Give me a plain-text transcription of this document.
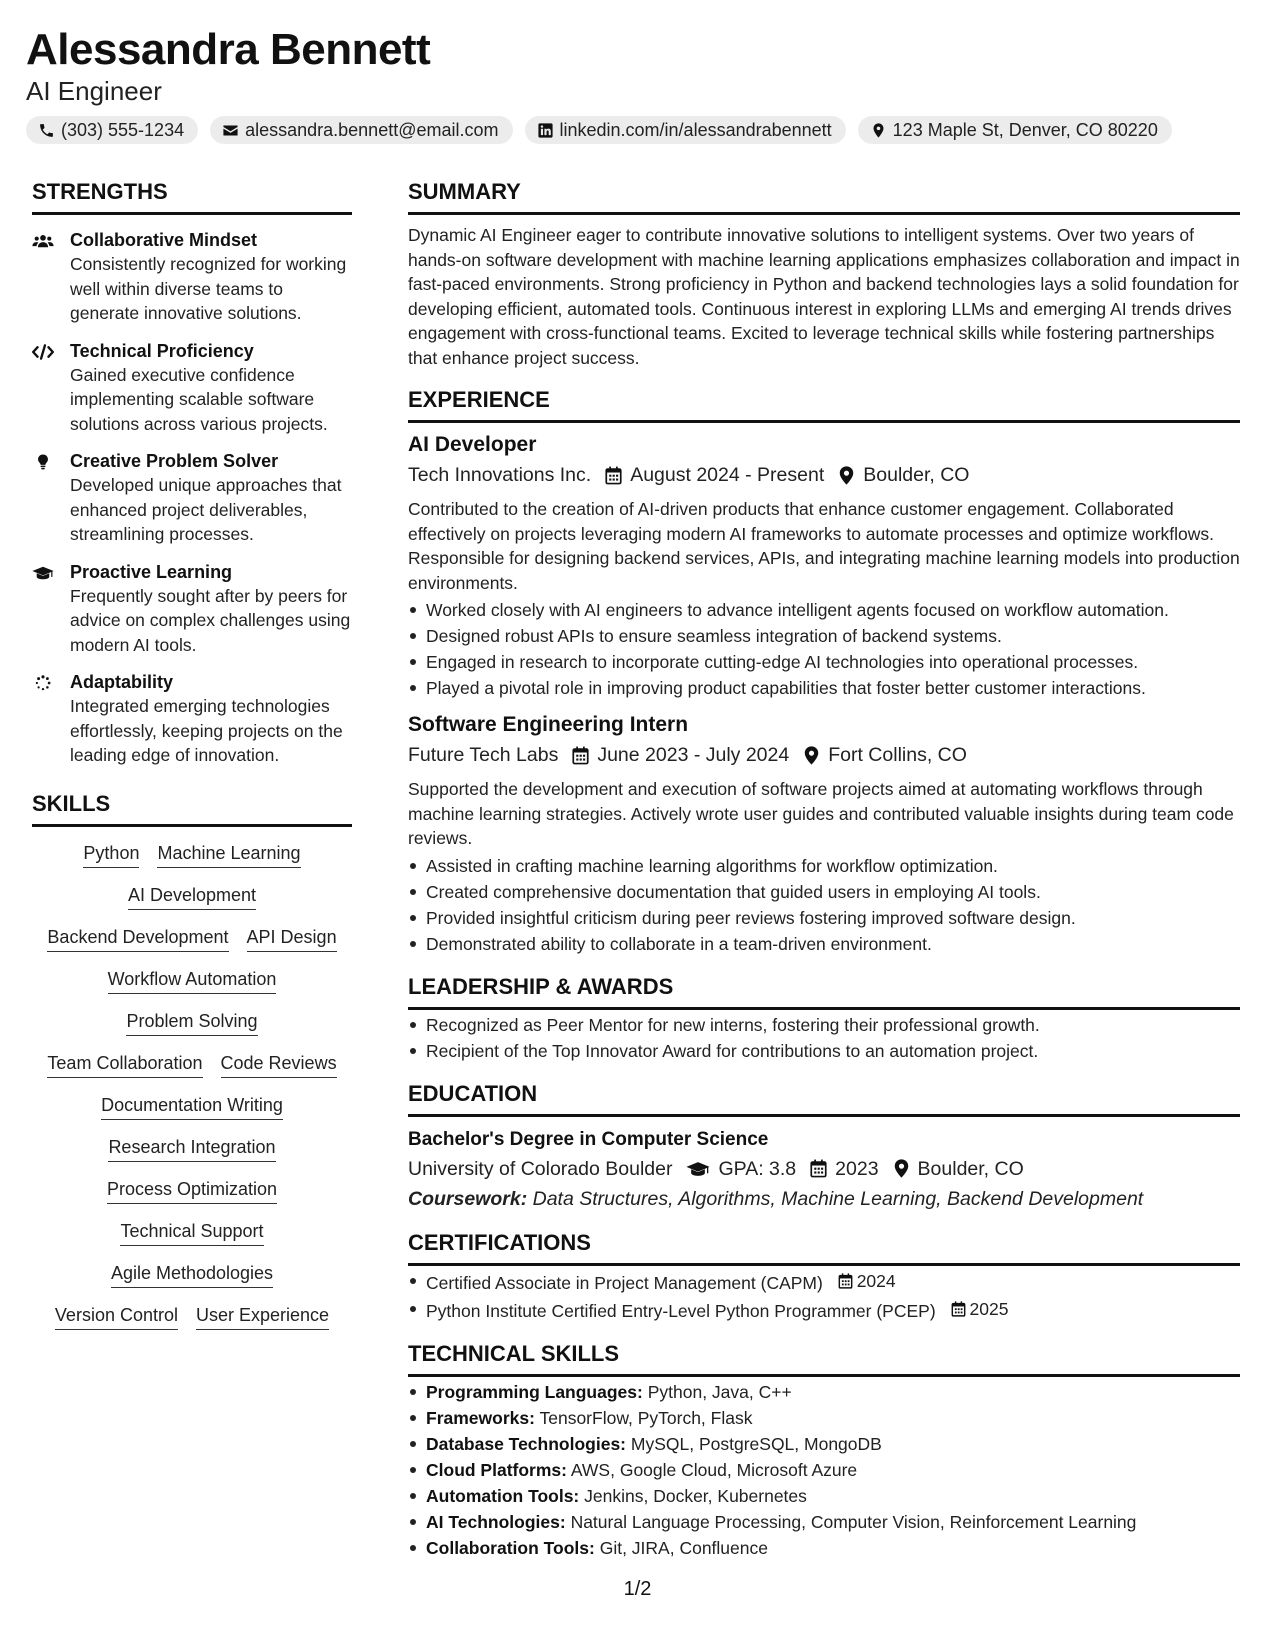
Alessandra Bennett
AI Engineer
(303) 555-1234	alessandra.bennett@email.com	linkedin.com/in/alessandrabennett	123 Maple St, Denver, CO 80220
STRENGTHS
Collaborative Mindset
Consistently recognized for working well within diverse teams to generate innovative solutions.
Technical Proficiency
Gained executive confidence implementing scalable software solutions across various projects.
Creative Problem Solver
Developed unique approaches that enhanced project deliverables, streamlining processes.
Proactive Learning
Frequently sought after by peers for advice on complex challenges using modern AI tools.
Adaptability
Integrated emerging technologies effortlessly, keeping projects on the leading edge of innovation.
SKILLS
Python Machine Learning
AI Development
Backend Development API Design
Workflow Automation
Problem Solving
Team Collaboration Code Reviews
Documentation Writing
Research Integration
Process Optimization
Technical Support
Agile Methodologies
Version Control User Experience
SUMMARY
Dynamic AI Engineer eager to contribute innovative solutions to intelligent systems. Over two years of hands-on software development with machine learning applications emphasizes collaboration and impact in fast-paced environments. Strong proficiency in Python and backend technologies lays a solid foundation for developing efficient, automated tools. Continuous interest in exploring LLMs and emerging AI trends drives engagement with cross-functional teams. Excited to leverage technical skills while fostering partnerships that enhance project success.
EXPERIENCE
AI Developer
Tech Innovations Inc. August 2024 - Present Boulder, CO
Contributed to the creation of AI-driven products that enhance customer engagement. Collaborated effectively on projects leveraging modern AI frameworks to automate processes and optimize workflows. Responsible for designing backend services, APIs, and integrating machine learning models into production environments.
Worked closely with AI engineers to advance intelligent agents focused on workflow automation.
Designed robust APIs to ensure seamless integration of backend systems.
Engaged in research to incorporate cutting-edge AI technologies into operational processes.
Played a pivotal role in improving product capabilities that foster better customer interactions.
Software Engineering Intern
Future Tech Labs June 2023 - July 2024 Fort Collins, CO
Supported the development and execution of software projects aimed at automating workflows through machine learning strategies. Actively wrote user guides and contributed valuable insights during team code reviews.
Assisted in crafting machine learning algorithms for workflow optimization.
Created comprehensive documentation that guided users in employing AI tools.
Provided insightful criticism during peer reviews fostering improved software design.
Demonstrated ability to collaborate in a team-driven environment.
LEADERSHIP & AWARDS
Recognized as Peer Mentor for new interns, fostering their professional growth.
Recipient of the Top Innovator Award for contributions to an automation project.
EDUCATION
Bachelor's Degree in Computer Science
University of Colorado Boulder GPA: 3.8 2023 Boulder, CO
Coursework: Data Structures, Algorithms, Machine Learning, Backend Development
CERTIFICATIONS
Certified Associate in Project Management (CAPM) 2024
Python Institute Certified Entry-Level Python Programmer (PCEP) 2025
TECHNICAL SKILLS
Programming Languages: Python, Java, C++
Frameworks: TensorFlow, PyTorch, Flask
Database Technologies: MySQL, PostgreSQL, MongoDB
Cloud Platforms: AWS, Google Cloud, Microsoft Azure
Automation Tools: Jenkins, Docker, Kubernetes
AI Technologies: Natural Language Processing, Computer Vision, Reinforcement Learning
Collaboration Tools: Git, JIRA, Confluence
1/2
